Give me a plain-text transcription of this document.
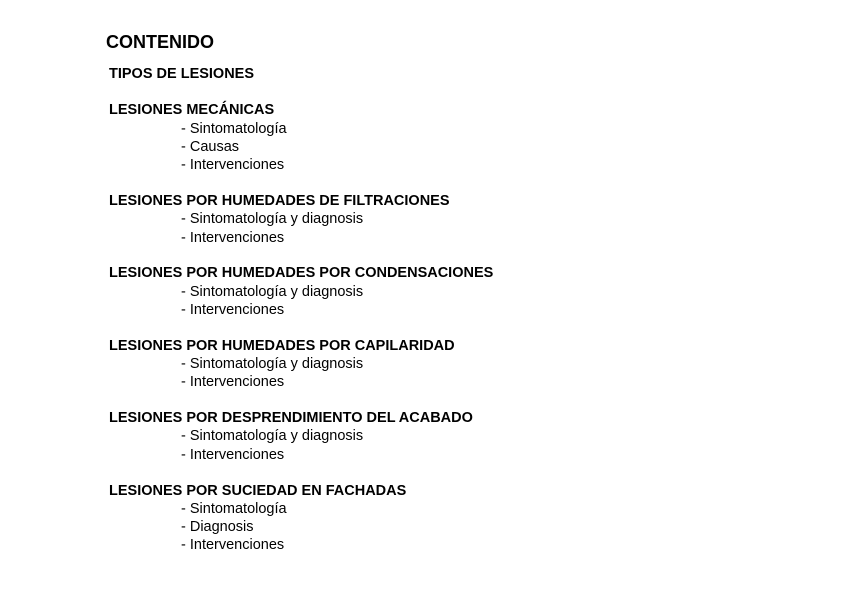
CONTENIDO
TIPOS DE LESIONES
LESIONES MECÁNICAS
- Sintomatología
- Causas
- Intervenciones
LESIONES POR HUMEDADES DE FILTRACIONES
- Sintomatología y diagnosis
- Intervenciones
LESIONES POR HUMEDADES POR CONDENSACIONES
- Sintomatología y diagnosis
- Intervenciones
LESIONES POR HUMEDADES POR CAPILARIDAD
- Sintomatología y diagnosis
- Intervenciones
LESIONES POR DESPRENDIMIENTO DEL ACABADO
- Sintomatología y diagnosis
- Intervenciones
LESIONES POR SUCIEDAD EN FACHADAS
- Sintomatología
- Diagnosis
- Intervenciones
